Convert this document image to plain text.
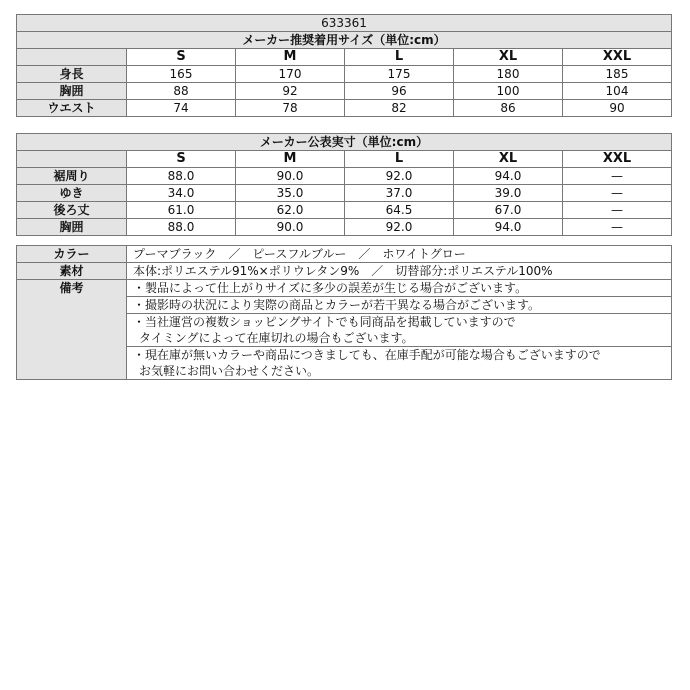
633361					
メーカー推奨着用サイズ（単位:cm）					
	S	M	L	XL	XXL
身長	165	170	175	180	185
胸囲	88	92	96	100	104
ウエスト	74	78	82	86	90
メーカー公表実寸（単位:cm）					
	S	M	L	XL	XXL
裾周り	88.0	90.0	92.0	94.0	—
ゆき	34.0	35.0	37.0	39.0	—
後ろ丈	61.0	62.0	64.5	67.0	—
胸囲	88.0	90.0	92.0	94.0	—
カラー	プーマブラック　／　ピースフルブルー　／　ホワイトグロー
素材	本体:ポリエステル91%×ポリウレタン9%　／　切替部分:ポリエステル100%
備考	・製品によって仕上がりサイズに多少の誤差が生じる場合がございます。

	・撮影時の状況により実際の商品とカラーが若干異なる場合がございます。

	・当社運営の複数ショッピングサイトでも同商品を掲載していますので
タイミングによって在庫切れの場合もございます。

	・現在庫が無いカラーや商品につきましても、在庫手配が可能な場合もございますので
お気軽にお問い合わせください。
